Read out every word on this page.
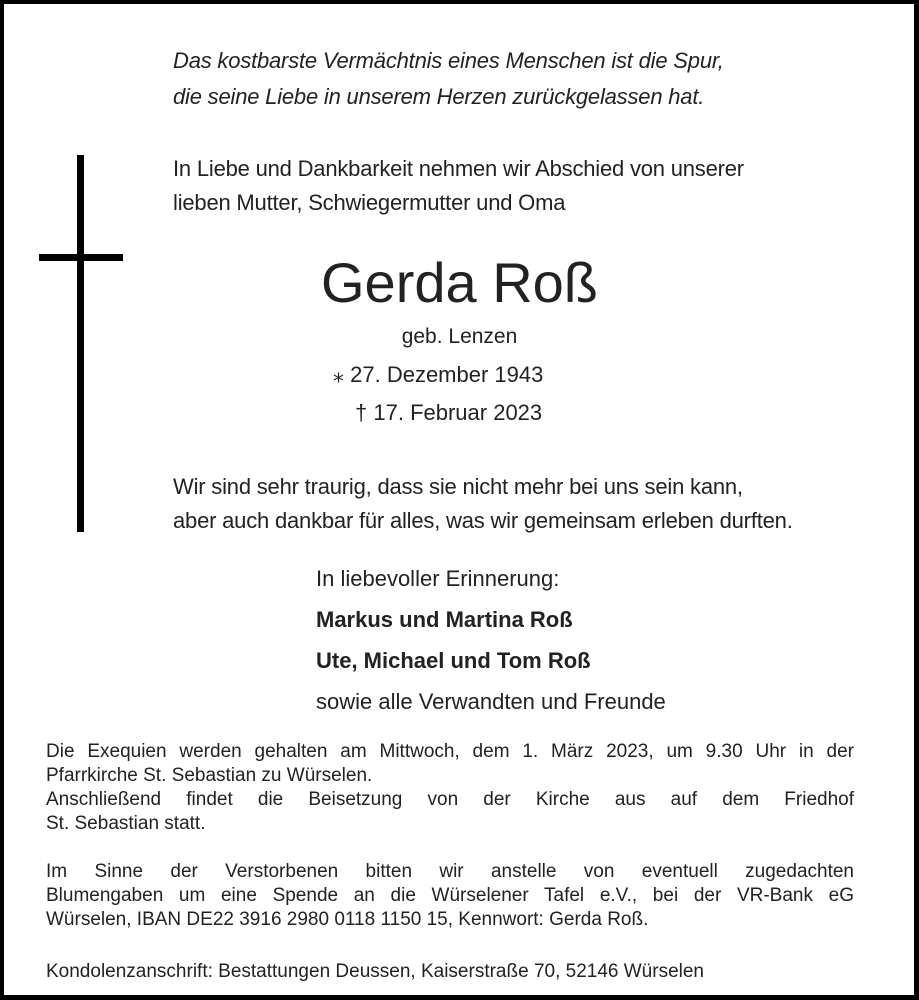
Das kostbarste Vermächtnis eines Menschen ist die Spur,
die seine Liebe in unserem Herzen zurückgelassen hat.
In Liebe und Dankbarkeit nehmen wir Abschied von unserer
lieben Mutter, Schwiegermutter und Oma
Gerda Roß
geb. Lenzen
⁎ 27. Dezember 1943
† 17. Februar 2023
Wir sind sehr traurig, dass sie nicht mehr bei uns sein kann,
aber auch dankbar für alles, was wir gemeinsam erleben durften.
In liebevoller Erinnerung:
Markus und Martina Roß
Ute, Michael und Tom Roß
sowie alle Verwandten und Freunde
Die Exequien werden gehalten am Mittwoch, dem 1. März 2023, um 9.30 Uhr in der
Pfarrkirche St. Sebastian zu Würselen.
Anschließend findet die Beisetzung von der Kirche aus auf dem Friedhof
St. Sebastian statt.
Im Sinne der Verstorbenen bitten wir anstelle von eventuell zugedachten
Blumengaben um eine Spende an die Würselener Tafel e.V., bei der VR-Bank eG
Würselen, IBAN DE22 3916 2980 0118 1150 15, Kennwort: Gerda Roß.
Kondolenzanschrift: Bestattungen Deussen, Kaiserstraße 70, 52146 Würselen
